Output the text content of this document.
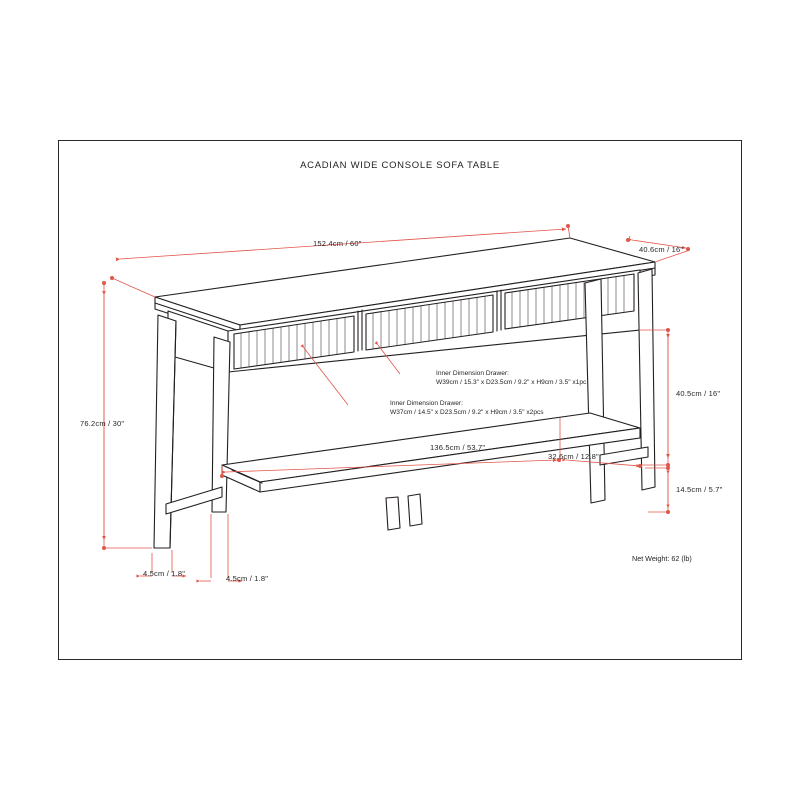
ACADIAN WIDE CONSOLE SOFA TABLE
152.4cm / 60"
40.6cm / 16"
76.2cm / 30"
40.5cm / 16"
136.5cm / 53.7"
32.6cm / 12.8"
14.5cm / 5.7"
4.5cm / 1.8"
4.5cm / 1.8"
Inner Dimension Drawer:
W39cm / 15.3" x D23.5cm / 9.2" x H9cm / 3.5" x1pc
Inner Dimension Drawer:
W37cm / 14.5" x D23.5cm / 9.2" x H9cm / 3.5" x2pcs
Net Weight: 62 (lb)
